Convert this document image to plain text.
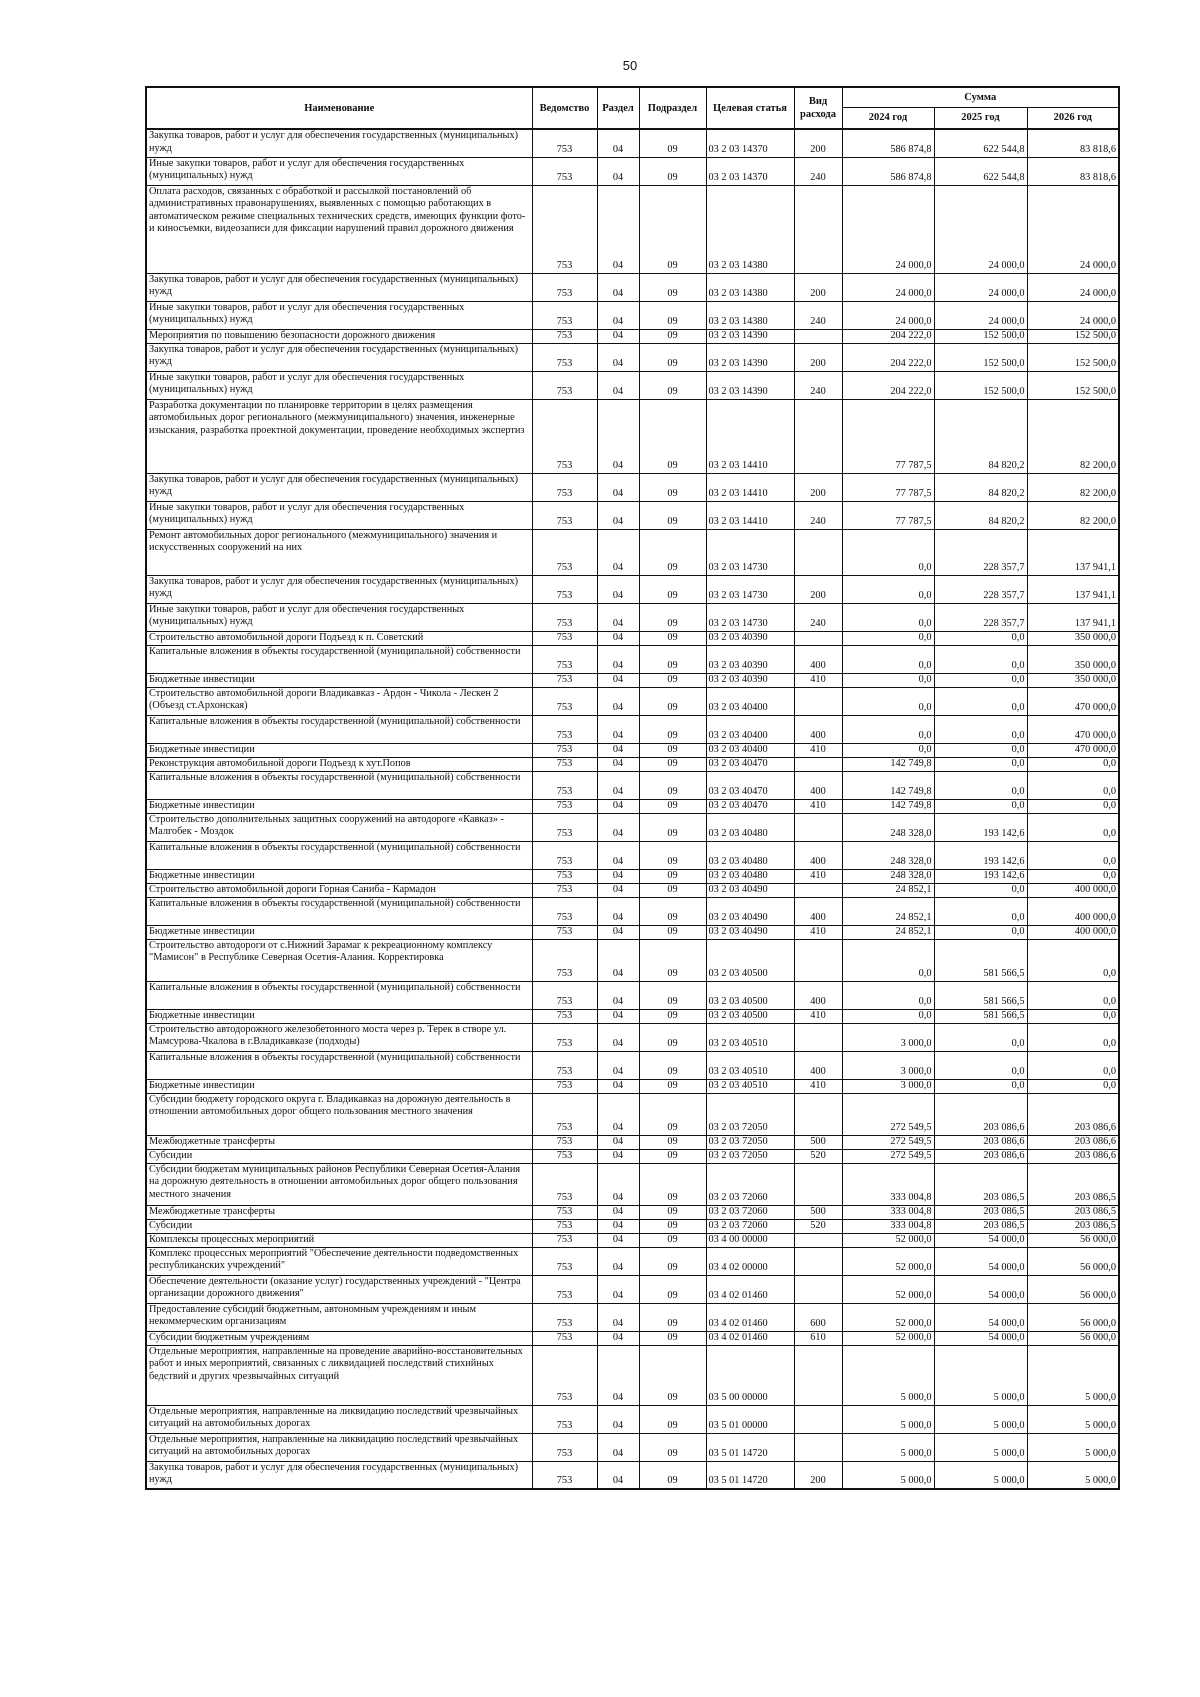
50
Наименование	Ведомство	Раздел	Подраздел	Целевая статья	Вид расхода	Сумма		
						2024 год	2025 год	2026 год
Закупка товаров, работ и услуг для обеспечения государственных (муниципальных) нужд	753	04	09	03 2 03 14370	200	586 874,8	622 544,8	83 818,6
Иные закупки товаров, работ и услуг для обеспечения государственных (муниципальных) нужд	753	04	09	03 2 03 14370	240	586 874,8	622 544,8	83 818,6
Оплата расходов, связанных с обработкой и рассылкой постановлений об административных правонарушениях, выявленных с помощью работающих в автоматическом режиме специальных технических средств, имеющих функции фото- и киносъемки, видеозаписи для фиксации нарушений правил дорожного движения	753	04	09	03 2 03 14380		24 000,0	24 000,0	24 000,0
Закупка товаров, работ и услуг для обеспечения государственных (муниципальных) нужд	753	04	09	03 2 03 14380	200	24 000,0	24 000,0	24 000,0
Иные закупки товаров, работ и услуг для обеспечения государственных (муниципальных) нужд	753	04	09	03 2 03 14380	240	24 000,0	24 000,0	24 000,0
Мероприятия по повышению безопасности дорожного движения	753	04	09	03 2 03 14390		204 222,0	152 500,0	152 500,0
Закупка товаров, работ и услуг для обеспечения государственных (муниципальных) нужд	753	04	09	03 2 03 14390	200	204 222,0	152 500,0	152 500,0
Иные закупки товаров, работ и услуг для обеспечения государственных (муниципальных) нужд	753	04	09	03 2 03 14390	240	204 222,0	152 500,0	152 500,0
Разработка документации по планировке территории в целях размещения автомобильных дорог регионального (межмуниципального) значения, инженерные изыскания, разработка проектной документации, проведение необходимых экспертиз	753	04	09	03 2 03 14410		77 787,5	84 820,2	82 200,0
Закупка товаров, работ и услуг для обеспечения государственных (муниципальных) нужд	753	04	09	03 2 03 14410	200	77 787,5	84 820,2	82 200,0
Иные закупки товаров, работ и услуг для обеспечения государственных (муниципальных) нужд	753	04	09	03 2 03 14410	240	77 787,5	84 820,2	82 200,0
Ремонт автомобильных дорог регионального (межмуниципального) значения и искусственных сооружений на них	753	04	09	03 2 03 14730		0,0	228 357,7	137 941,1
Закупка товаров, работ и услуг для обеспечения государственных (муниципальных) нужд	753	04	09	03 2 03 14730	200	0,0	228 357,7	137 941,1
Иные закупки товаров, работ и услуг для обеспечения государственных (муниципальных) нужд	753	04	09	03 2 03 14730	240	0,0	228 357,7	137 941,1
Строительство автомобильной дороги Подъезд к п. Советский	753	04	09	03 2 03 40390		0,0	0,0	350 000,0
Капитальные вложения в объекты государственной (муниципальной) собственности	753	04	09	03 2 03 40390	400	0,0	0,0	350 000,0
Бюджетные инвестиции	753	04	09	03 2 03 40390	410	0,0	0,0	350 000,0
Строительство автомобильной дороги Владикавказ - Ардон - Чикола - Лескен 2 (Объезд ст.Архонская)	753	04	09	03 2 03 40400		0,0	0,0	470 000,0
Капитальные вложения в объекты государственной (муниципальной) собственности	753	04	09	03 2 03 40400	400	0,0	0,0	470 000,0
Бюджетные инвестиции	753	04	09	03 2 03 40400	410	0,0	0,0	470 000,0
Реконструкция автомобильной дороги Подъезд к хут.Попов	753	04	09	03 2 03 40470		142 749,8	0,0	0,0
Капитальные вложения в объекты государственной (муниципальной) собственности	753	04	09	03 2 03 40470	400	142 749,8	0,0	0,0
Бюджетные инвестиции	753	04	09	03 2 03 40470	410	142 749,8	0,0	0,0
Строительство дополнительных защитных сооружений на автодороге «Кавказ» - Малгобек - Моздок	753	04	09	03 2 03 40480		248 328,0	193 142,6	0,0
Капитальные вложения в объекты государственной (муниципальной) собственности	753	04	09	03 2 03 40480	400	248 328,0	193 142,6	0,0
Бюджетные инвестиции	753	04	09	03 2 03 40480	410	248 328,0	193 142,6	0,0
Строительство автомобильной дороги Горная Саниба - Кармадон	753	04	09	03 2 03 40490		24 852,1	0,0	400 000,0
Капитальные вложения в объекты государственной (муниципальной) собственности	753	04	09	03 2 03 40490	400	24 852,1	0,0	400 000,0
Бюджетные инвестиции	753	04	09	03 2 03 40490	410	24 852,1	0,0	400 000,0
Строительство автодороги от с.Нижний Зарамаг к рекреационному комплексу "Мамисон" в Республике Северная Осетия-Алания. Корректировка	753	04	09	03 2 03 40500		0,0	581 566,5	0,0
Капитальные вложения в объекты государственной (муниципальной) собственности	753	04	09	03 2 03 40500	400	0,0	581 566,5	0,0
Бюджетные инвестиции	753	04	09	03 2 03 40500	410	0,0	581 566,5	0,0
Строительство автодорожного железобетонного моста через р. Терек в створе ул. Мамсурова-Чкалова в г.Владикавказе (подходы)	753	04	09	03 2 03 40510		3 000,0	0,0	0,0
Капитальные вложения в объекты государственной (муниципальной) собственности	753	04	09	03 2 03 40510	400	3 000,0	0,0	0,0
Бюджетные инвестиции	753	04	09	03 2 03 40510	410	3 000,0	0,0	0,0
Субсидии бюджету городского округа г. Владикавказ на дорожную деятельность в отношении автомобильных дорог общего пользования местного значения	753	04	09	03 2 03 72050		272 549,5	203 086,6	203 086,6
Межбюджетные трансферты	753	04	09	03 2 03 72050	500	272 549,5	203 086,6	203 086,6
Субсидии	753	04	09	03 2 03 72050	520	272 549,5	203 086,6	203 086,6
Субсидии бюджетам муниципальных районов Республики Северная Осетия-Алания на дорожную деятельность в отношении автомобильных дорог общего пользования местного значения	753	04	09	03 2 03 72060		333 004,8	203 086,5	203 086,5
Межбюджетные трансферты	753	04	09	03 2 03 72060	500	333 004,8	203 086,5	203 086,5
Субсидии	753	04	09	03 2 03 72060	520	333 004,8	203 086,5	203 086,5
Комплексы процессных мероприятий	753	04	09	03 4 00 00000		52 000,0	54 000,0	56 000,0
Комплекс процессных мероприятий "Обеспечение деятельности подведомственных республиканских учреждений"	753	04	09	03 4 02 00000		52 000,0	54 000,0	56 000,0
Обеспечение деятельности (оказание услуг) государственных учреждений - "Центра организации дорожного движения"	753	04	09	03 4 02 01460		52 000,0	54 000,0	56 000,0
Предоставление субсидий бюджетным, автономным учреждениям и иным некоммерческим организациям	753	04	09	03 4 02 01460	600	52 000,0	54 000,0	56 000,0
Субсидии бюджетным учреждениям	753	04	09	03 4 02 01460	610	52 000,0	54 000,0	56 000,0
Отдельные мероприятия, направленные на проведение аварийно-восстановительных работ и иных мероприятий, связанных с ликвидацией последствий стихийных бедствий и других чрезвычайных ситуаций	753	04	09	03 5 00 00000		5 000,0	5 000,0	5 000,0
Отдельные мероприятия, направленные на ликвидацию последствий чрезвычайных ситуаций на автомобильных дорогах	753	04	09	03 5 01 00000		5 000,0	5 000,0	5 000,0
Отдельные мероприятия, направленные на ликвидацию последствий чрезвычайных ситуаций на автомобильных дорогах	753	04	09	03 5 01 14720		5 000,0	5 000,0	5 000,0
Закупка товаров, работ и услуг для обеспечения государственных (муниципальных) нужд	753	04	09	03 5 01 14720	200	5 000,0	5 000,0	5 000,0
